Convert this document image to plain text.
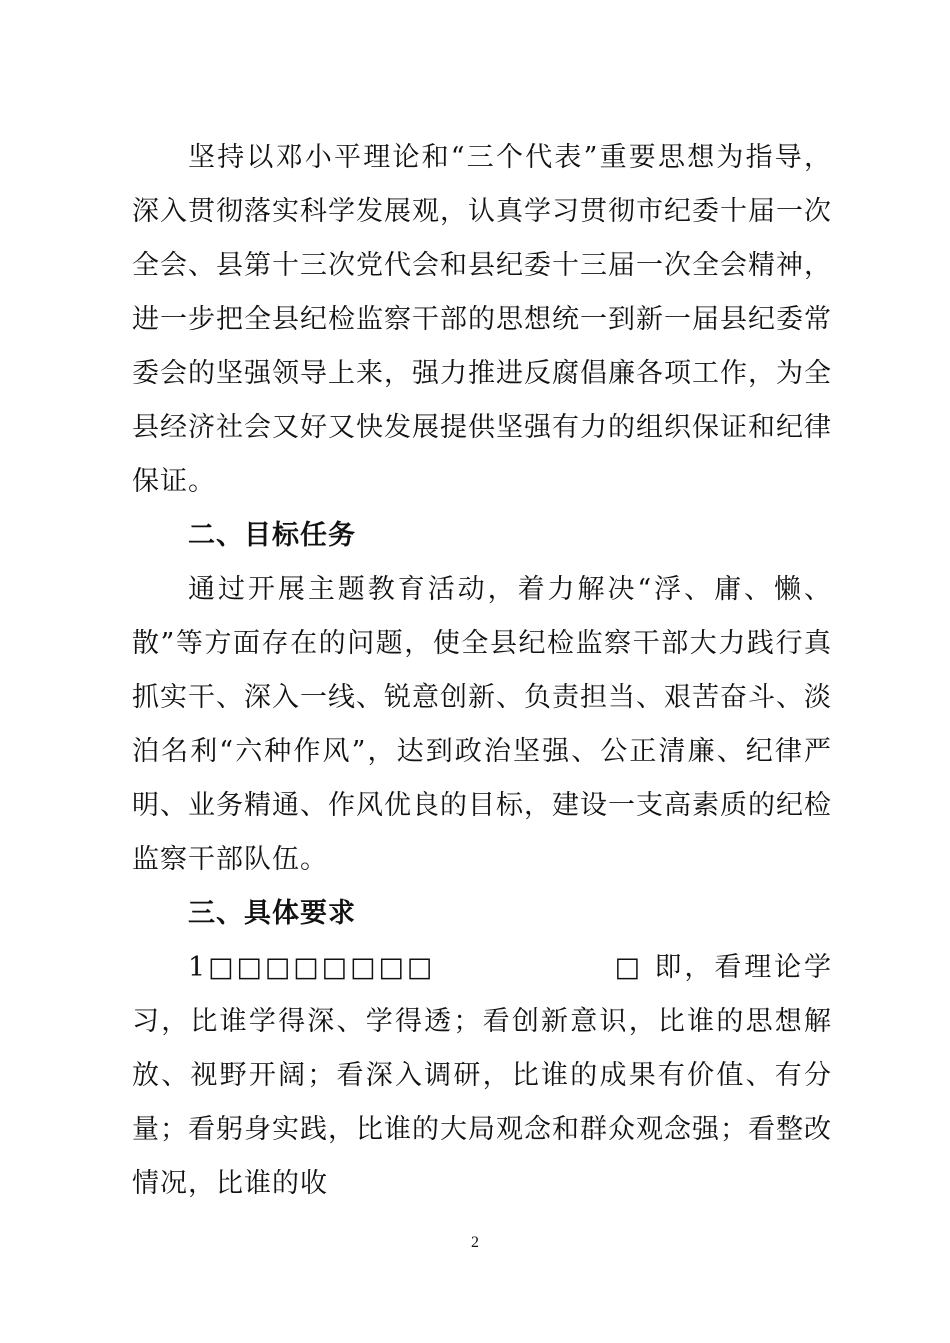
坚持以邓小平理论和“三个代表”重要思想为指导，深入贯彻落实科学发展观，认真学习贯彻市纪委十届一次全会、县第十三次党代会和县纪委十三届一次全会精神，进一步把全县纪检监察干部的思想统一到新一届县纪委常委会的坚强领导上来，强力推进反腐倡廉各项工作，为全县经济社会又好又快发展提供坚强有力的组织保证和纪律保证。

二、目标任务

通过开展主题教育活动，着力解决“浮、庸、懒、散”等方面存在的问题，使全县纪检监察干部大力践行真抓实干、深入一线、锐意创新、负责担当、艰苦奋斗、淡泊名利“六种作风”，达到政治坚强、公正清廉、纪律严明、业务精通、作风优良的目标，建设一支高素质的纪检监察干部队伍。

三、具体要求

1□□□□□□□□　　　　　　□ 即，看理论学习，比谁学得深、学得透；看创新意识，比谁的思想解放、视野开阔；看深入调研，比谁的成果有价值、有分量；看躬身实践，比谁的大局观念和群众观念强；看整改情况，比谁的收

2
